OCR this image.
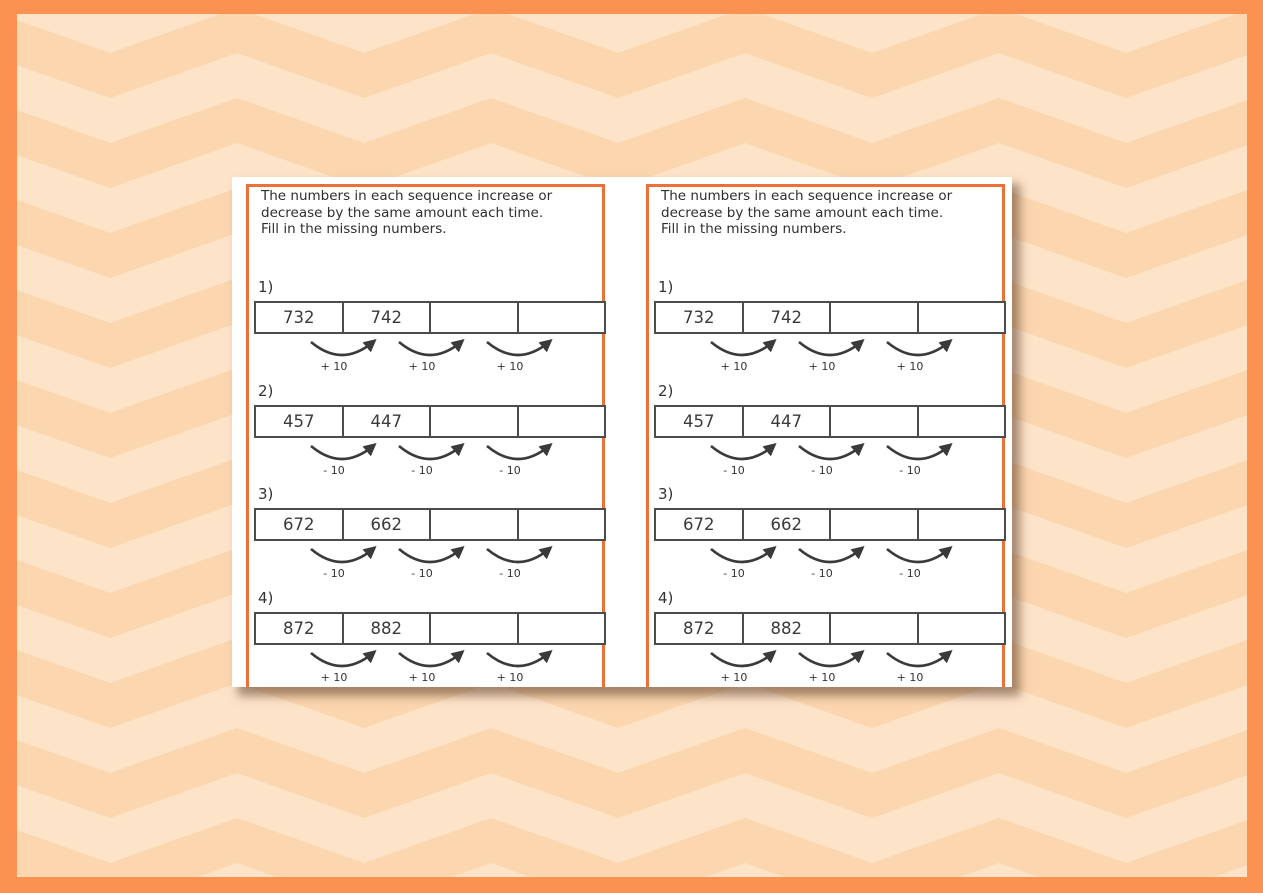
The numbers in each sequence increase or decrease by the same amount each time. Fill in the missing numbers.

1)
732	742
+ 10	+ 10	+ 10
2)
457	447
- 10	- 10	- 10
3)
672	662
- 10	- 10	- 10
4)
872	882
+ 10	+ 10	+ 10

The numbers in each sequence increase or decrease by the same amount each time. Fill in the missing numbers.

1)
732	742
+ 10	+ 10	+ 10
2)
457	447
- 10	- 10	- 10
3)
672	662
- 10	- 10	- 10
4)
872	882
+ 10	+ 10	+ 10
